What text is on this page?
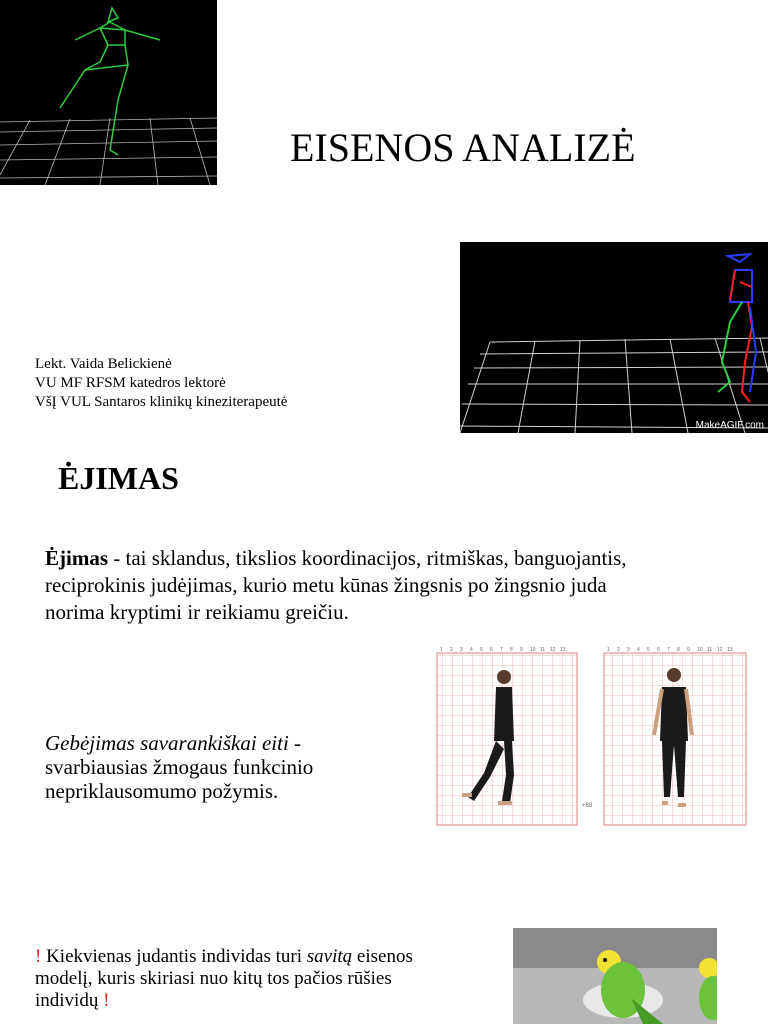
EISENOS ANALIZĖ
MakeAGIF.com
Lekt. Vaida Belickienė
VU MF RFSM katedros lektorė
VšĮ VUL Santaros klinikų kineziterapeutė
ĖJIMAS
Ėjimas - tai sklandus, tikslios koordinacijos, ritmiškas, banguojantis, reciprokinis judėjimas, kurio metu kūnas žingsnis po žingsnio juda norima kryptimi ir reikiamu greičiu.
1 2 3 4 5 6 7 8 9 10 11 12 13	1 2 3 4 5 6 7 8 9 10 11 12 13
+88
Gebėjimas savarankiškai eiti - svarbiausias žmogaus funkcinio nepriklausomumo požymis.
! Kiekvienas judantis individas turi savitą eisenos modelį, kuris skiriasi nuo kitų tos pačios rūšies individų !
